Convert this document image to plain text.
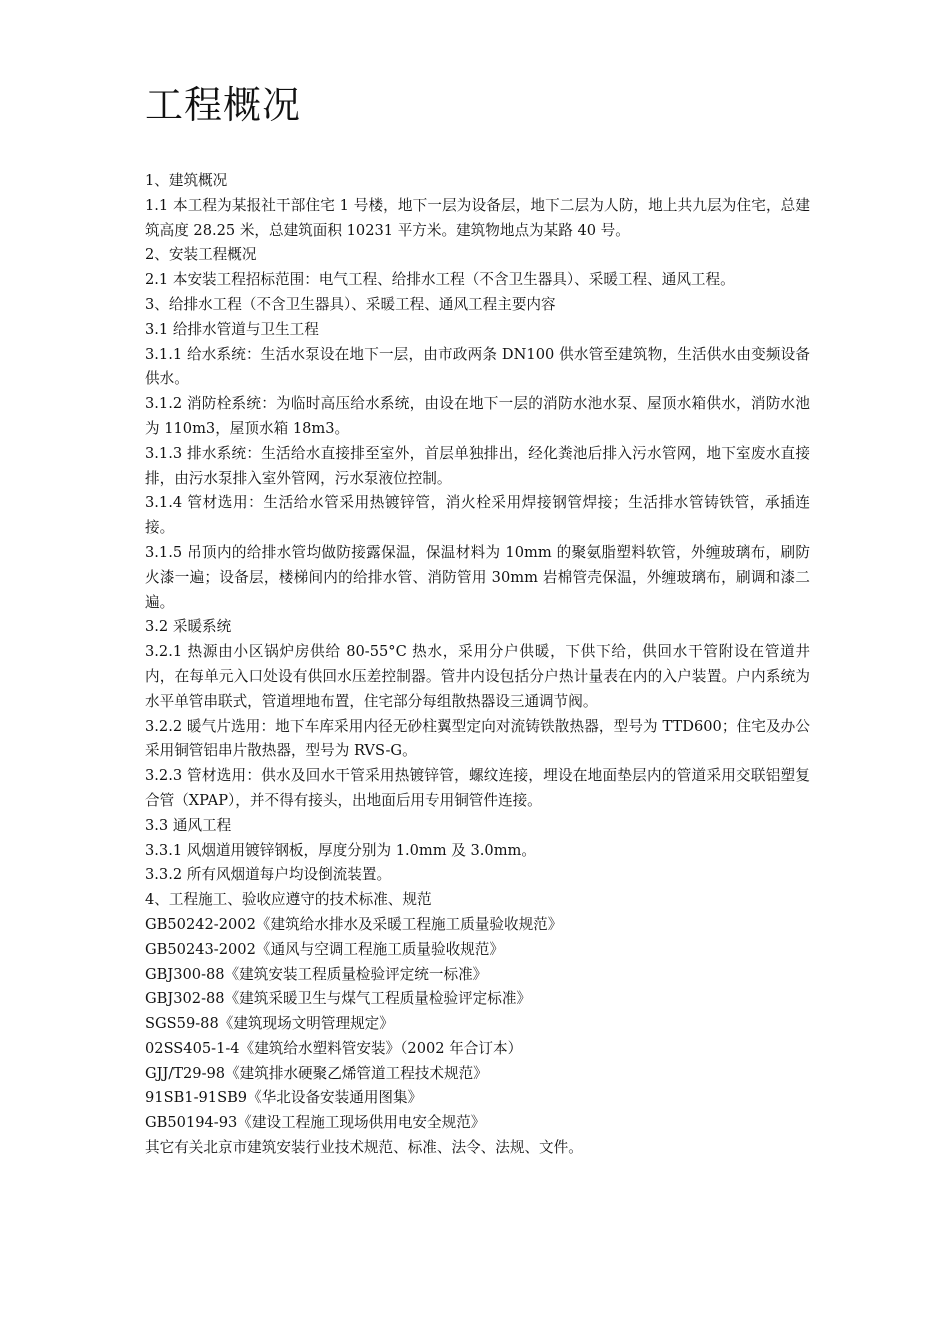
工程概况

1、建筑概况

1.1 本工程为某报社干部住宅 1 号楼，地下一层为设备层，地下二层为人防，地上共九层为住宅，总建筑高度 28.25 米，总建筑面积 10231 平方米。建筑物地点为某路 40 号。

2、安装工程概况

2.1 本安装工程招标范围：电气工程、给排水工程（不含卫生器具）、采暖工程、通风工程。

3、给排水工程（不含卫生器具）、采暖工程、通风工程主要内容

3.1 给排水管道与卫生工程

3.1.1 给水系统：生活水泵设在地下一层，由市政两条 DN100 供水管至建筑物，生活供水由变频设备供水。

3.1.2 消防栓系统：为临时高压给水系统，由设在地下一层的消防水池水泵、屋顶水箱供水，消防水池为 110m3，屋顶水箱 18m3。

3.1.3 排水系统：生活给水直接排至室外，首层单独排出，经化粪池后排入污水管网，地下室废水直接排，由污水泵排入室外管网，污水泵液位控制。

3.1.4 管材选用：生活给水管采用热镀锌管，消火栓采用焊接钢管焊接；生活排水管铸铁管，承插连接。

3.1.5 吊顶内的给排水管均做防接露保温，保温材料为 10mm 的聚氨脂塑料软管，外缠玻璃布，刷防火漆一遍；设备层，楼梯间内的给排水管、消防管用 30mm 岩棉管壳保温，外缠玻璃布，刷调和漆二遍。

3.2 采暖系统

3.2.1 热源由小区锅炉房供给 80-55°C 热水，采用分户供暖，下供下给，供回水干管附设在管道井内，在每单元入口处设有供回水压差控制器。管井内设包括分户热计量表在内的入户装置。户内系统为水平单管串联式，管道埋地布置，住宅部分每组散热器设三通调节阀。

3.2.2 暖气片选用：地下车库采用内径无砂柱翼型定向对流铸铁散热器，型号为 TTD600；住宅及办公采用铜管铝串片散热器，型号为 RVS-G。

3.2.3 管材选用：供水及回水干管采用热镀锌管，螺纹连接，埋设在地面垫层内的管道采用交联铝塑复合管（XPAP），并不得有接头，出地面后用专用铜管件连接。

3.3 通风工程

3.3.1 风烟道用镀锌钢板，厚度分别为 1.0mm 及 3.0mm。

3.3.2 所有风烟道每户均设倒流装置。

4、工程施工、验收应遵守的技术标准、规范

GB50242-2002《建筑给水排水及采暖工程施工质量验收规范》

GB50243-2002《通风与空调工程施工质量验收规范》

GBJ300-88《建筑安装工程质量检验评定统一标准》

GBJ302-88《建筑采暖卫生与煤气工程质量检验评定标准》

SGS59-88《建筑现场文明管理规定》

02SS405-1-4《建筑给水塑料管安装》（2002 年合订本）

GJJ/T29-98《建筑排水硬聚乙烯管道工程技术规范》

91SB1-91SB9《华北设备安装通用图集》

GB50194-93《建设工程施工现场供用电安全规范》

其它有关北京市建筑安装行业技术规范、标准、法令、法规、文件。
